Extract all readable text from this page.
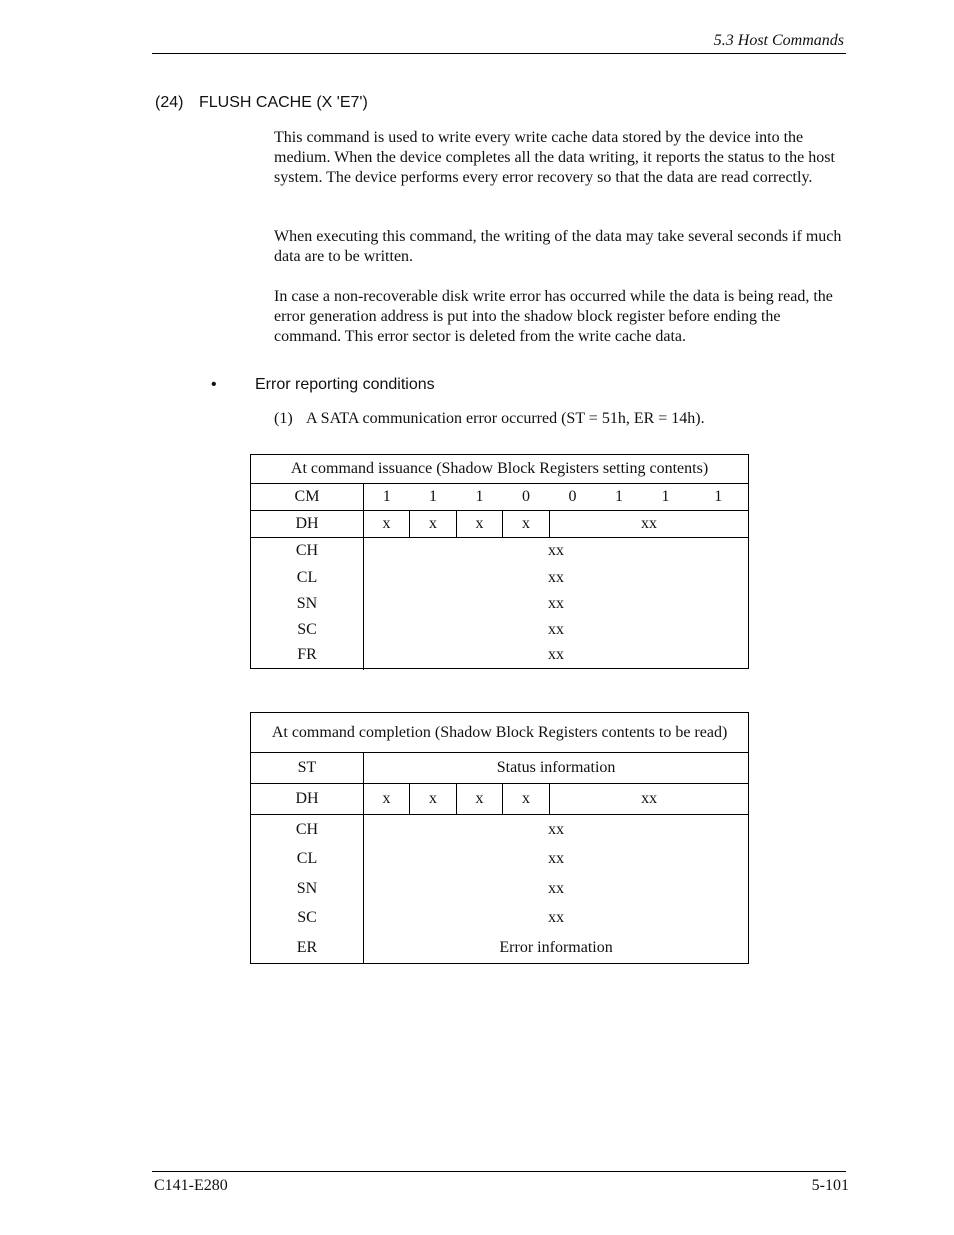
5.3 Host Commands
(24) FLUSH CACHE (X 'E7')

This command is used to write every write cache data stored by the device into the medium. When the device completes all the data writing, it reports the status to the host system. The device performs every error recovery so that the data are read correctly.

When executing this command, the writing of the data may take several seconds if much data are to be written.

In case a non-recoverable disk write error has occurred while the data is being read, the error generation address is put into the shadow block register before ending the command. This error sector is deleted from the write cache data.

• Error reporting conditions
(1) A SATA communication error occurred (ST = 51h, ER = 14h).
At command issuance (Shadow Block Registers setting contents)								
CM	1	1	1	0	0	1	1	1
DH	x	x	x	x	xx			
CH	xx							
CL	xx							
SN	xx							
SC	xx							
FR	xx							
At command completion (Shadow Block Registers contents to be read)					
ST	Status information				
DH	x	x	x	x	xx
CH	xx				
CL	xx				
SN	xx				
SC	xx				
ER	Error information				
C141-E280	5-101
